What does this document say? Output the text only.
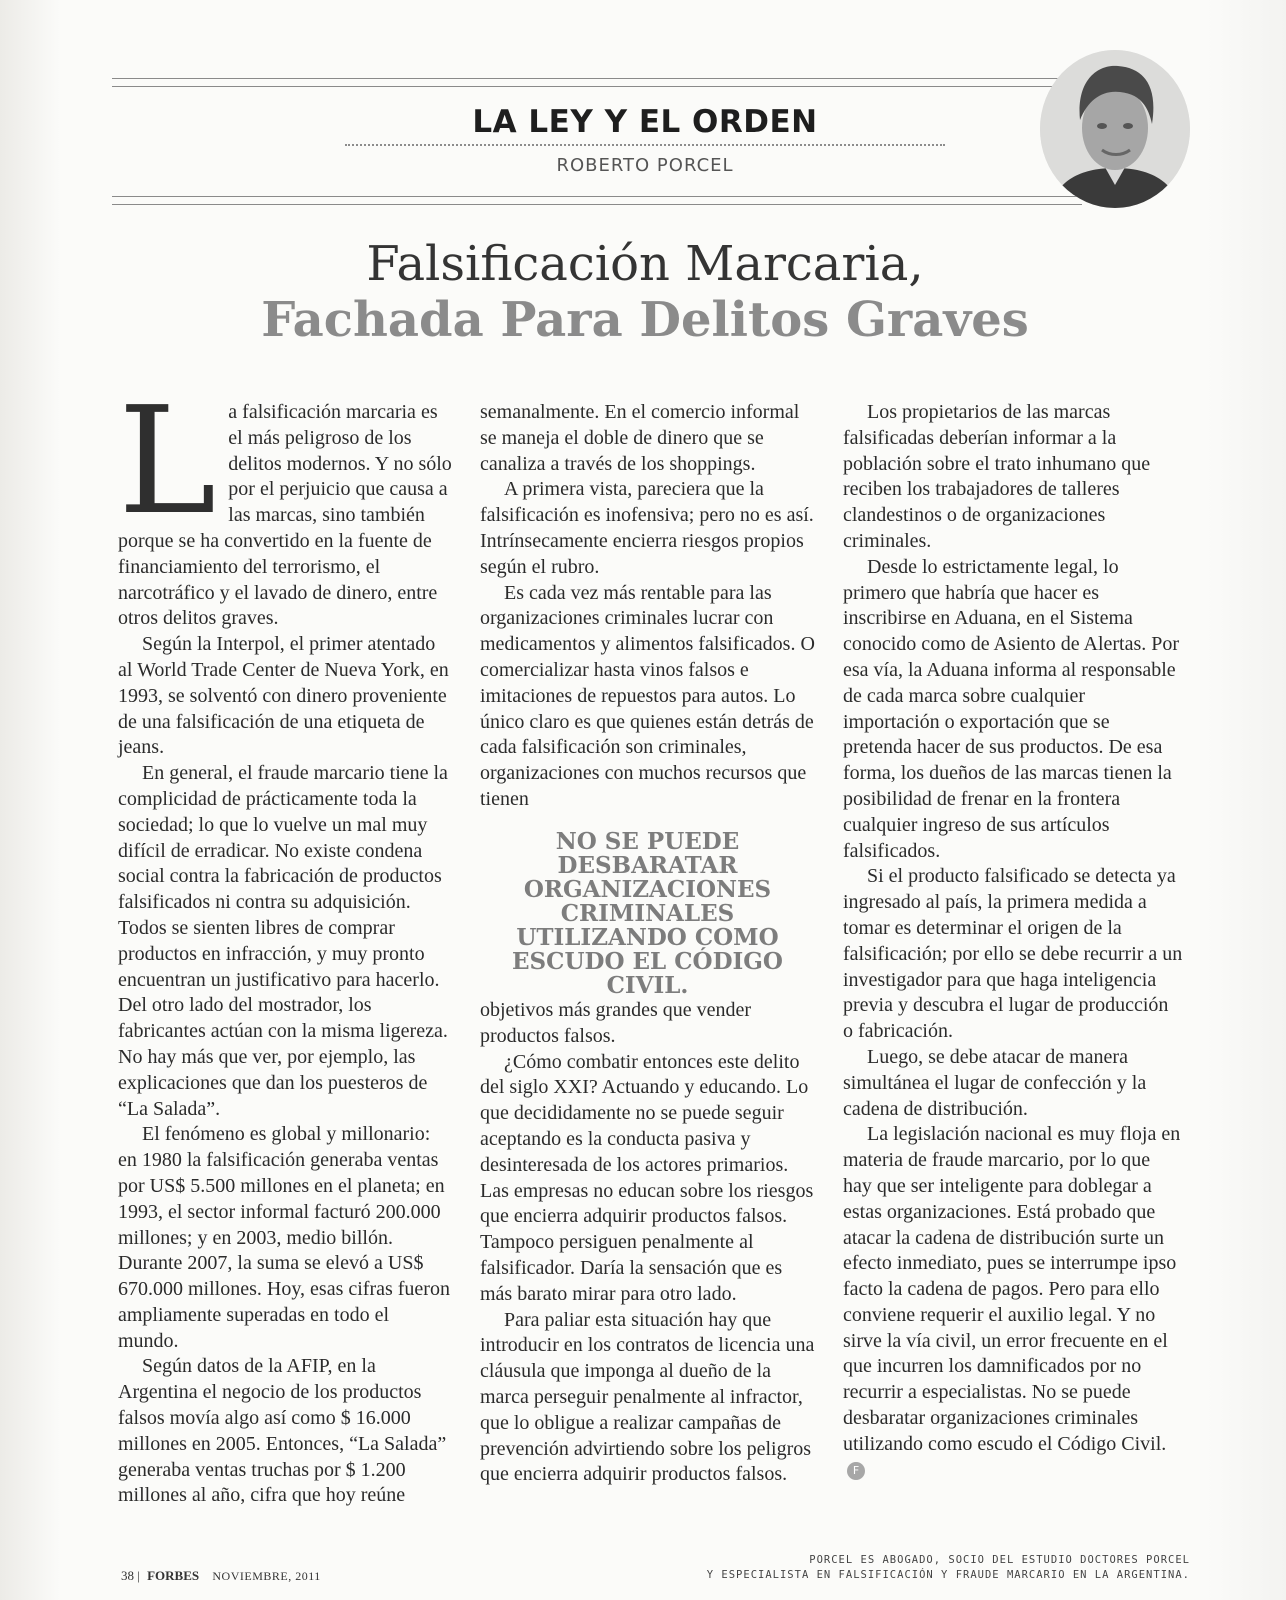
LA LEY Y EL ORDEN
ROBERTO PORCEL
Falsificación Marcaria,
Fachada Para Delitos Graves
L a falsificación marcaria es el más peligroso de los delitos modernos. Y no sólo por el perjuicio que causa a las marcas, sino también porque se ha convertido en la fuente de financiamiento del terrorismo, el narcotráfico y el lavado de dinero, entre otros delitos graves.

Según la Interpol, el primer atentado al World Trade Center de Nueva York, en 1993, se solventó con dinero proveniente de una falsificación de una etiqueta de jeans.

En general, el fraude marcario tiene la complicidad de prácticamente toda la sociedad; lo que lo vuelve un mal muy difícil de erradicar. No existe condena social contra la fabricación de productos falsificados ni contra su adquisición. Todos se sienten libres de comprar productos en infracción, y muy pronto encuentran un justificativo para hacerlo. Del otro lado del mostrador, los fabricantes actúan con la misma ligereza. No hay más que ver, por ejemplo, las explicaciones que dan los puesteros de “La Salada”.

El fenómeno es global y millonario: en 1980 la falsificación generaba ventas por US$ 5.500 millones en el planeta; en 1993, el sector informal facturó 200.000 millones; y en 2003, medio billón. Durante 2007, la suma se elevó a US$ 670.000 millones. Hoy, esas cifras fueron ampliamente superadas en todo el mundo.

Según datos de la AFIP, en la Argentina el negocio de los productos falsos movía algo así como $ 16.000 millones en 2005. Entonces, “La Salada” generaba ventas truchas por $ 1.200 millones al año, cifra que hoy reúne

semanalmente. En el comercio informal se maneja el doble de dinero que se canaliza a través de los shoppings.

A primera vista, pareciera que la falsificación es inofensiva; pero no es así. Intrínsecamente encierra riesgos propios según el rubro.

Es cada vez más rentable para las organizaciones criminales lucrar con medicamentos y alimentos falsificados. O comercializar hasta vinos falsos e imitaciones de repuestos para autos. Lo único claro es que quienes están detrás de cada falsificación son criminales, organizaciones con muchos recursos que tienen

objetivos más grandes que vender productos falsos.

¿Cómo combatir entonces este delito del siglo XXI? Actuando y educando. Lo que decididamente no se puede seguir aceptando es la conducta pasiva y desinteresada de los actores primarios. Las empresas no educan sobre los riesgos que encierra adquirir productos falsos. Tampoco persiguen penalmente al falsificador. Daría la sensación que es más barato mirar para otro lado.

Para paliar esta situación hay que introducir en los contratos de licencia una cláusula que imponga al dueño de la marca perseguir penalmente al infractor, que lo obligue a realizar campañas de prevención advirtiendo sobre los peligros que encierra adquirir productos falsos.

NO SE PUEDE DESBARATAR ORGANIZACIONES CRIMINALES UTILIZANDO COMO ESCUDO EL CÓDIGO CIVIL.

Los propietarios de las marcas falsificadas deberían informar a la población sobre el trato inhumano que reciben los trabajadores de talleres clandestinos o de organizaciones criminales.

Desde lo estrictamente legal, lo primero que habría que hacer es inscribirse en Aduana, en el Sistema conocido como de Asiento de Alertas. Por esa vía, la Aduana informa al responsable de cada marca sobre cualquier importación o exportación que se pretenda hacer de sus productos. De esa forma, los dueños de las marcas tienen la posibilidad de frenar en la frontera cualquier ingreso de sus artículos falsificados.

Si el producto falsificado se detecta ya ingresado al país, la primera medida a tomar es determinar el origen de la falsificación; por ello se debe recurrir a un investigador para que haga inteligencia previa y descubra el lugar de producción o fabricación.

Luego, se debe atacar de manera simultánea el lugar de confección y la cadena de distribución.

La legislación nacional es muy floja en materia de fraude marcario, por lo que hay que ser inteligente para doblegar a estas organizaciones. Está probado que atacar la cadena de distribución surte un efecto inmediato, pues se interrumpe ipso facto la cadena de pagos. Pero para ello conviene requerir el auxilio legal. Y no sirve la vía civil, un error frecuente en el que incurren los damnificados por no recurrir a especialistas. No se puede desbaratar organizaciones criminales utilizando como escudo el Código Civil.F

38 | FORBES NOVIEMBRE, 2011
PORCEL ES ABOGADO, SOCIO DEL ESTUDIO DOCTORES PORCEL
Y ESPECIALISTA EN FALSIFICACIÓN Y FRAUDE MARCARIO EN LA ARGENTINA.
